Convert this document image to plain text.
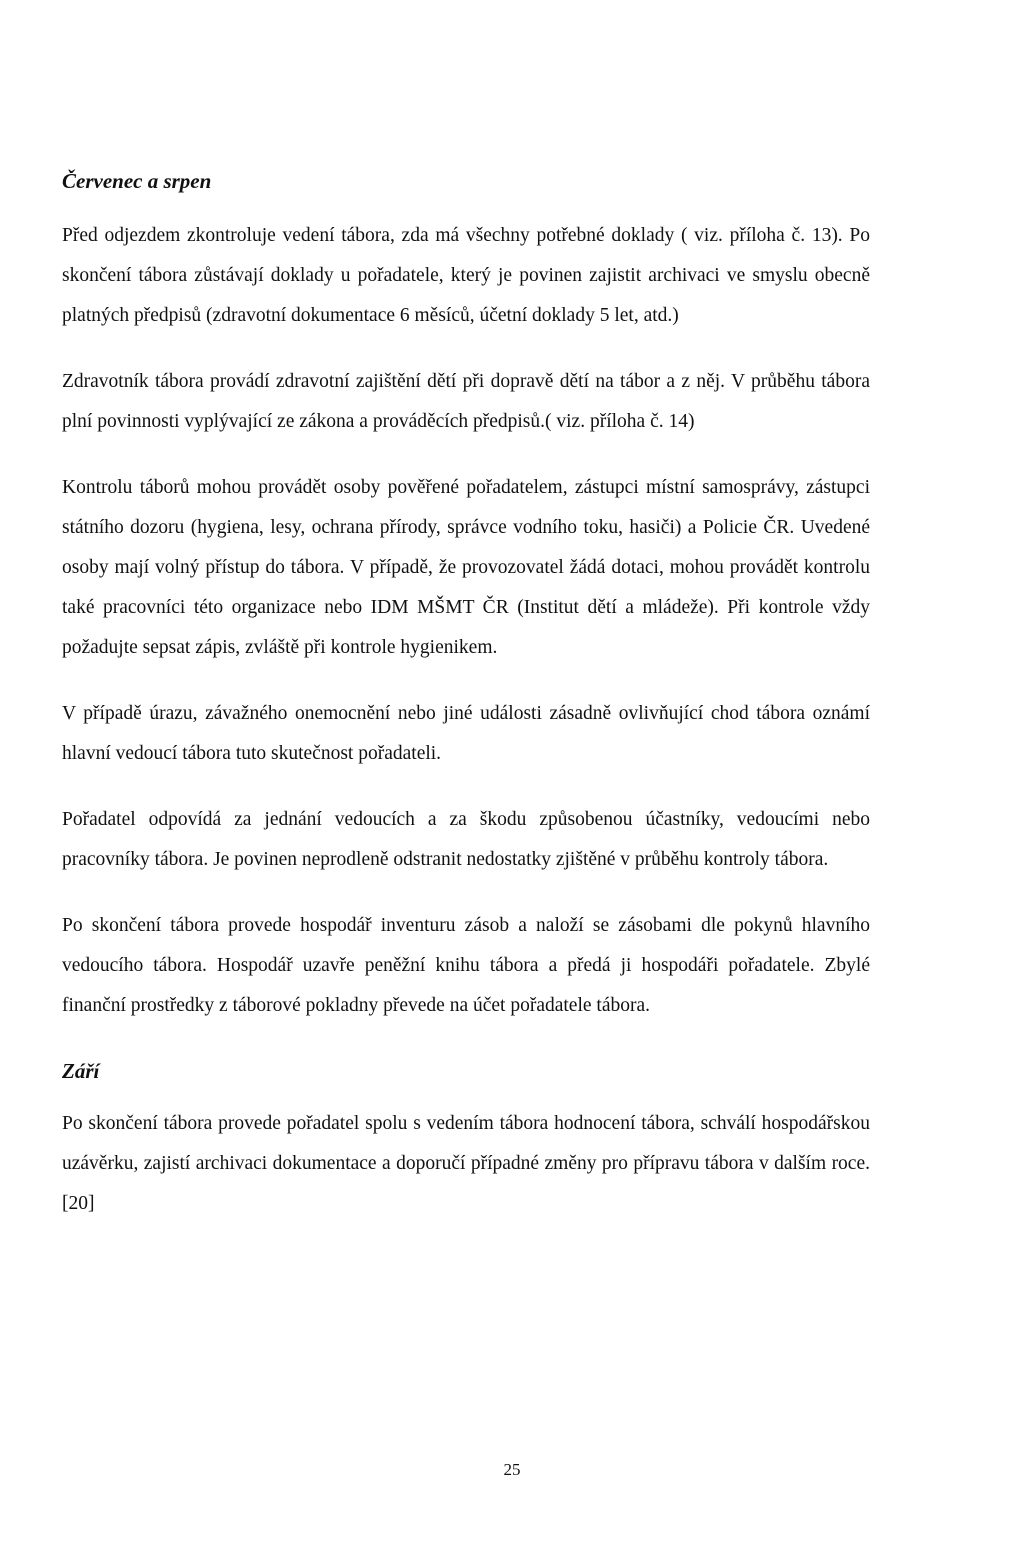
Červenec a srpen

Před odjezdem zkontroluje vedení tábora, zda má všechny potřebné doklady ( viz. příloha č. 13). Po skončení tábora zůstávají doklady u pořadatele, který je povinen zajistit archivaci ve smyslu obecně platných předpisů (zdravotní dokumentace 6 měsíců, účetní doklady 5 let, atd.)

Zdravotník tábora provádí zdravotní zajištění dětí při dopravě dětí na tábor a z něj. V průběhu tábora plní povinnosti vyplývající ze zákona a prováděcích předpisů.( viz. příloha č. 14)

Kontrolu táborů mohou provádět osoby pověřené pořadatelem, zástupci místní samosprávy, zástupci státního dozoru (hygiena, lesy, ochrana přírody, správce vodního toku, hasiči) a Policie ČR. Uvedené osoby mají volný přístup do tábora. V případě, že provozovatel žádá dotaci, mohou provádět kontrolu také pracovníci této organizace nebo IDM MŠMT ČR (Institut dětí a mládeže). Při kontrole vždy požadujte sepsat zápis, zvláště při kontrole hygienikem.

V případě úrazu, závažného onemocnění nebo jiné události zásadně ovlivňující chod tábora oznámí hlavní vedoucí tábora tuto skutečnost pořadateli.

Pořadatel odpovídá za jednání vedoucích a za škodu způsobenou účastníky, vedoucími nebo pracovníky tábora. Je povinen neprodleně odstranit nedostatky zjištěné v průběhu kontroly tábora.

Po skončení tábora provede hospodář inventuru zásob a naloží se zásobami dle pokynů hlavního vedoucího tábora. Hospodář uzavře peněžní knihu tábora a předá ji hospodáři pořadatele. Zbylé finanční prostředky z táborové pokladny převede na účet pořadatele tábora.

Září

Po skončení tábora provede pořadatel spolu s vedením tábora hodnocení tábora, schválí hospodářskou uzávěrku, zajistí archivaci dokumentace a doporučí případné změny pro přípravu tábora v dalším roce. [20]

25
